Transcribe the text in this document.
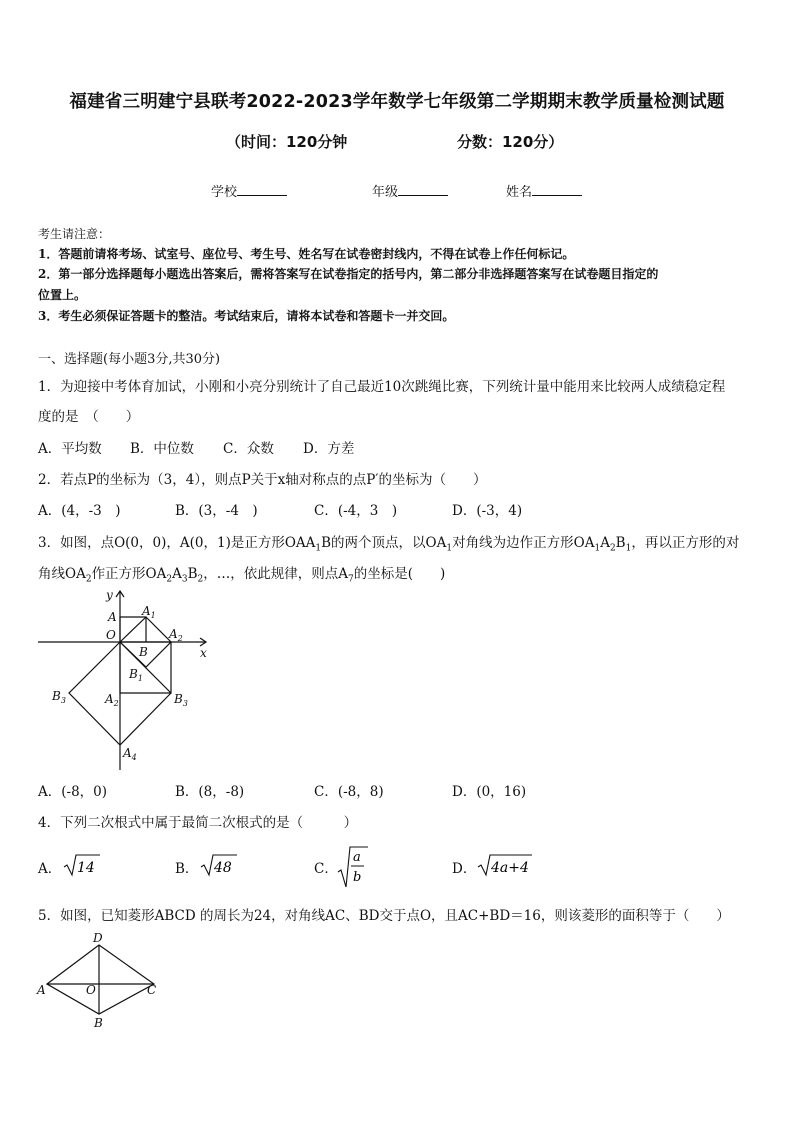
福建省三明建宁县联考2022-2023学年数学七年级第二学期期末教学质量检测试题
（时间：120分钟	分数：120分）
学校	年级	姓名
考生请注意：
1．答题前请将考场、试室号、座位号、考生号、姓名写在试卷密封线内，不得在试卷上作任何标记。
2．第一部分选择题每小题选出答案后，需将答案写在试卷指定的括号内，第二部分非选择题答案写在试卷题目指定的
位置上。
3．考生必须保证答题卡的整洁。考试结束后，请将本试卷和答题卡一并交回。
一、选择题(每小题3分,共30分)
1．为迎接中考体育加试，小刚和小亮分别统计了自己最近10次跳绳比赛，下列统计量中能用来比较两人成绩稳定程
度的是　（　　）
A．平均数 B．中位数 C．众数 D．方差
2．若点P的坐标为（3，4），则点P关于x轴对称点的点P′的坐标为（　　）
A．(4，-3　)	B．(3，-4　)	C．(-4，3　)	D．(-3，4)
3．如图，点O(0，0)，A(0，1)是正方形$OAA_1B$的两个顶点，以$OA_1$对角线为边作正方形$OA_1A_2B_1$，再以正方形的对
角线$OA_2$作正方形$OA_2A_3B_2$，…，依此规律，则点$A_7$的坐标是(　　)
y
x
A
O
$A_1$
B
$A_2$
$B_1$
$B_3$	$A_2$	$B_3$
$A_4$
A．(-8，0)	B．(8，-8)	C．(-8，8)	D．(0，16)
4．下列二次根式中属于最简二次根式的是（　　　）
A． 14	B． 48	C．
a
b
D． 4a+4
5．如图，已知菱形ABCD 的周长为24，对角线AC、BD交于点O，且AC+BD＝16，则该菱形的面积等于（　　）
D
A	O	C
B
